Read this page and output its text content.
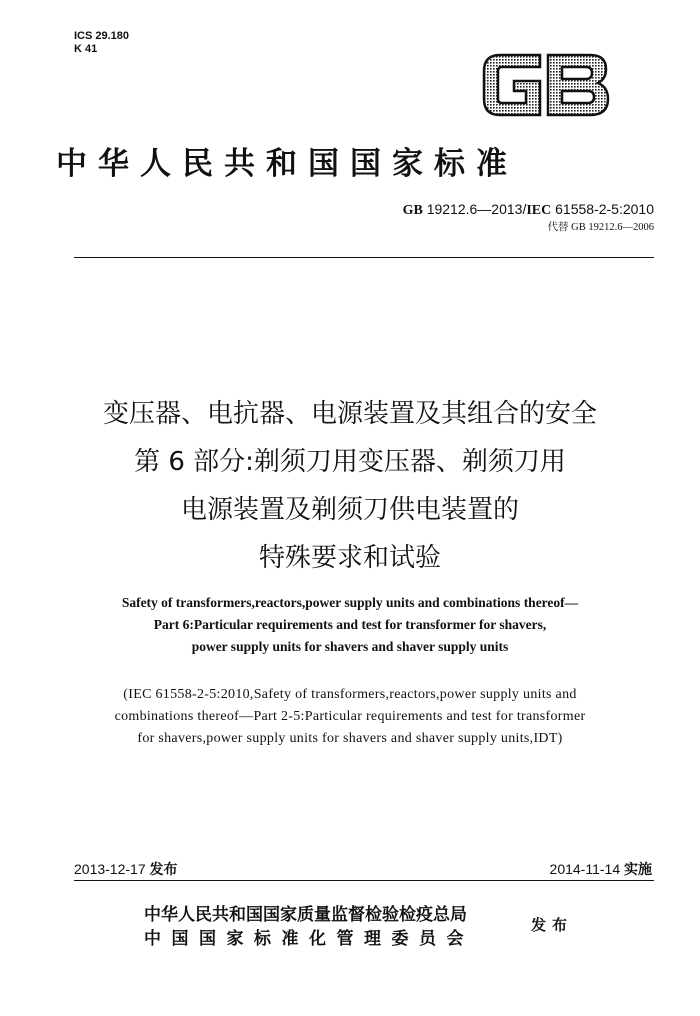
ICS 29.180
K 41	GB
中华人民共和国国家标准
GB 19212.6—2013/IEC 61558-2-5:2010
代替 GB 19212.6—2006
变压器、电抗器、电源装置及其组合的安全
第 6 部分:剃须刀用变压器、剃须刀用
电源装置及剃须刀供电装置的
特殊要求和试验
Safety of transformers,reactors,power supply units and combinations thereof—
Part 6:Particular requirements and test for transformer for shavers,
power supply units for shavers and shaver supply units
(IEC 61558-2-5:2010,Safety of transformers,reactors,power supply units and
combinations thereof—Part 2-5:Particular requirements and test for transformer
for shavers,power supply units for shavers and shaver supply units,IDT)
2013-12-17 发布	2014-11-14 实施
中华人民共和国国家质量监督检验检疫总局
中国国家标准化管理委员会
发布
